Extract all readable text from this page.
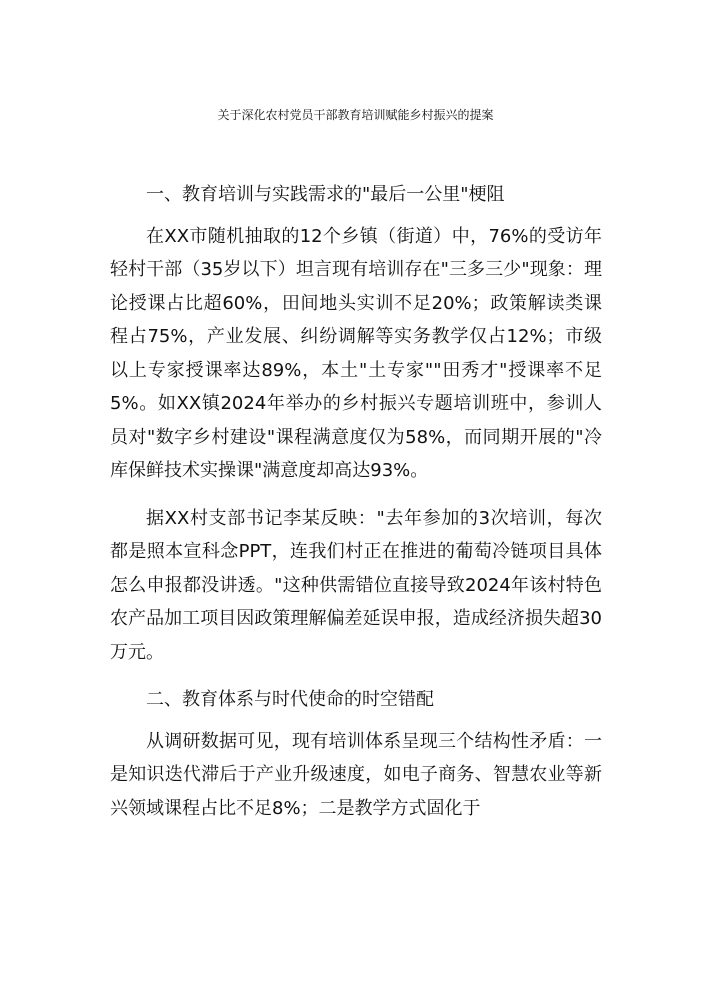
关于深化农村党员干部教育培训赋能乡村振兴的提案
一、教育培训与实践需求的"最后一公里"梗阻

在XX市随机抽取的12个乡镇（街道）中，76%的受访年轻村干部（35岁以下）坦言现有培训存在"三多三少"现象：理论授课占比超60%，田间地头实训不足20%；政策解读类课程占75%，产业发展、纠纷调解等实务教学仅占12%；市级以上专家授课率达89%，本土"土专家""田秀才"授课率不足5%。如XX镇2024年举办的乡村振兴专题培训班中，参训人员对"数字乡村建设"课程满意度仅为58%，而同期开展的"冷库保鲜技术实操课"满意度却高达93%。

据XX村支部书记李某反映："去年参加的3次培训，每次都是照本宣科念PPT，连我们村正在推进的葡萄冷链项目具体怎么申报都没讲透。"这种供需错位直接导致2024年该村特色农产品加工项目因政策理解偏差延误申报，造成经济损失超30万元。

二、教育体系与时代使命的时空错配

从调研数据可见，现有培训体系呈现三个结构性矛盾：一是知识迭代滞后于产业升级速度，如电子商务、智慧农业等新兴领域课程占比不足8%；二是教学方式固化于
